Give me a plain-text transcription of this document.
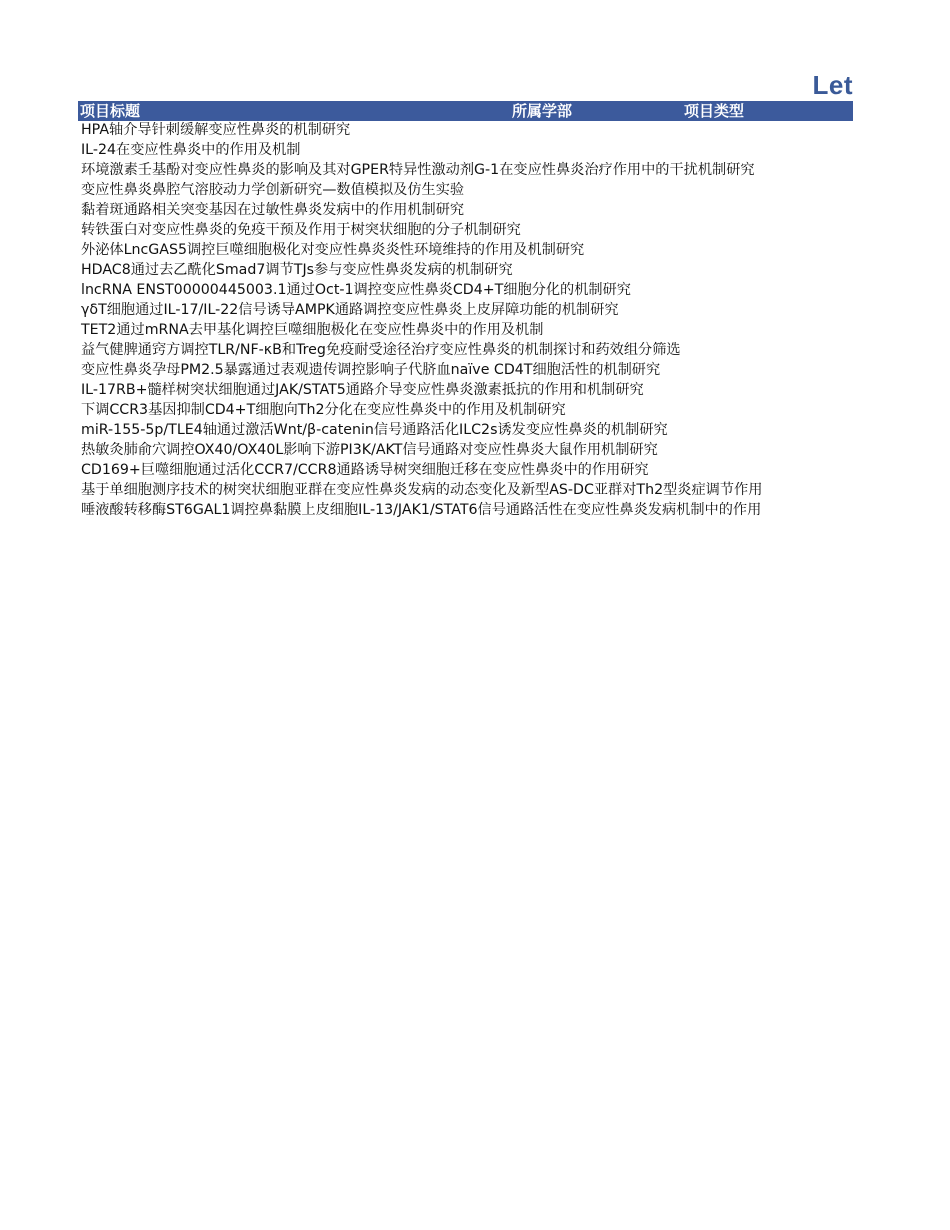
Let
项目标题	所属学部	项目类型
HPA轴介导针刺缓解变应性鼻炎的机制研究
IL-24在变应性鼻炎中的作用及机制
环境激素壬基酚对变应性鼻炎的影响及其对GPER特异性激动剂G-1在变应性鼻炎治疗作用中的干扰机制研究
变应性鼻炎鼻腔气溶胶动力学创新研究—数值模拟及仿生实验
黏着斑通路相关突变基因在过敏性鼻炎发病中的作用机制研究
转铁蛋白对变应性鼻炎的免疫干预及作用于树突状细胞的分子机制研究
外泌体LncGAS5调控巨噬细胞极化对变应性鼻炎炎性环境维持的作用及机制研究
HDAC8通过去乙酰化Smad7调节TJs参与变应性鼻炎发病的机制研究
lncRNA ENST00000445003.1通过Oct-1调控变应性鼻炎CD4+T细胞分化的机制研究
γδT细胞通过IL-17/IL-22信号诱导AMPK通路调控变应性鼻炎上皮屏障功能的机制研究
TET2通过mRNA去甲基化调控巨噬细胞极化在变应性鼻炎中的作用及机制
益气健脾通窍方调控TLR/NF-κB和Treg免疫耐受途径治疗变应性鼻炎的机制探讨和药效组分筛选
变应性鼻炎孕母PM2.5暴露通过表观遗传调控影响子代脐血naïve CD4T细胞活性的机制研究
IL-17RB+髓样树突状细胞通过JAK/STAT5通路介导变应性鼻炎激素抵抗的作用和机制研究
下调CCR3基因抑制CD4+T细胞向Th2分化在变应性鼻炎中的作用及机制研究
miR-155-5p/TLE4轴通过激活Wnt/β-catenin信号通路活化ILC2s诱发变应性鼻炎的机制研究
热敏灸肺俞穴调控OX40/OX40L影响下游PI3K/AKT信号通路对变应性鼻炎大鼠作用机制研究
CD169+巨噬细胞通过活化CCR7/CCR8通路诱导树突细胞迁移在变应性鼻炎中的作用研究
基于单细胞测序技术的树突状细胞亚群在变应性鼻炎发病的动态变化及新型AS-DC亚群对Th2型炎症调节作用
唾液酸转移酶ST6GAL1调控鼻黏膜上皮细胞IL-13/JAK1/STAT6信号通路活性在变应性鼻炎发病机制中的作用
